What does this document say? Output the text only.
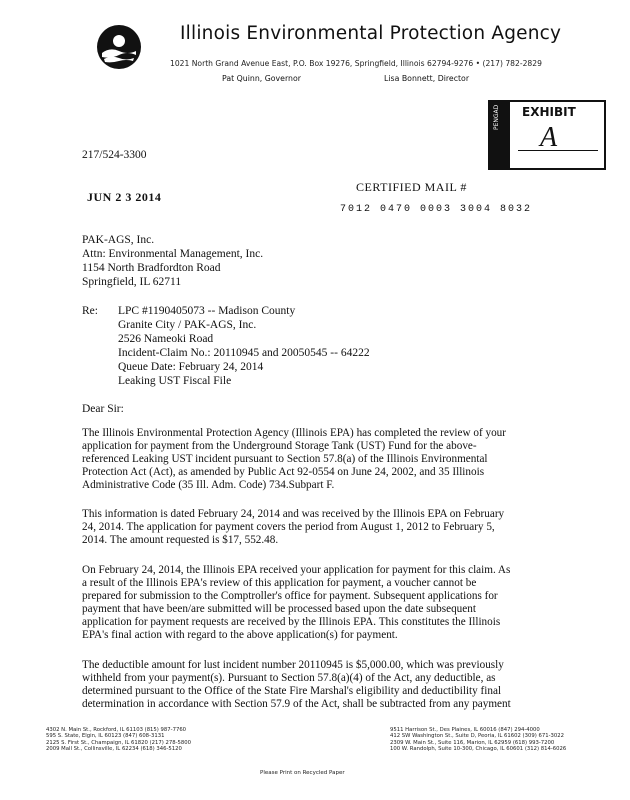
Illinois Environmental Protection Agency
1021 North Grand Avenue East, P.O. Box 19276, Springfield, Illinois 62794-9276 • (217) 782-2829
Pat Quinn, Governor	Lisa Bonnett, Director
PENGAD EXHIBIT
A
217/524-3300
CERTIFIED MAIL #
JUN 2 3 2014
7012 0470 0003 3004 8032
PAK-AGS, Inc.
Attn: Environmental Management, Inc.
1154 North Bradfordton Road
Springfield, IL 62711
Re: LPC #1190405073 -- Madison County
Granite City / PAK-AGS, Inc.
2526 Nameoki Road
Incident-Claim No.: 20110945 and 20050545 -- 64222
Queue Date: February 24, 2014
Leaking UST Fiscal File
Dear Sir:
The Illinois Environmental Protection Agency (Illinois EPA) has completed the review of your
application for payment from the Underground Storage Tank (UST) Fund for the above-
referenced Leaking UST incident pursuant to Section 57.8(a) of the Illinois Environmental
Protection Act (Act), as amended by Public Act 92-0554 on June 24, 2002, and 35 Illinois
Administrative Code (35 Ill. Adm. Code) 734.Subpart F.
This information is dated February 24, 2014 and was received by the Illinois EPA on February
24, 2014. The application for payment covers the period from August 1, 2012 to February 5,
2014. The amount requested is $17, 552.48.
On February 24, 2014, the Illinois EPA received your application for payment for this claim. As
a result of the Illinois EPA's review of this application for payment, a voucher cannot be
prepared for submission to the Comptroller's office for payment. Subsequent applications for
payment that have been/are submitted will be processed based upon the date subsequent
application for payment requests are received by the Illinois EPA. This constitutes the Illinois
EPA's final action with regard to the above application(s) for payment.
The deductible amount for lust incident number 20110945 is $5,000.00, which was previously
withheld from your payment(s). Pursuant to Section 57.8(a)(4) of the Act, any deductible, as
determined pursuant to the Office of the State Fire Marshal's eligibility and deductibility final
determination in accordance with Section 57.9 of the Act, shall be subtracted from any payment
4302 N. Main St., Rockford, IL 61103 (815) 987-7760
595 S. State, Elgin, IL 60123 (847) 608-3131
2125 S. First St., Champaign, IL 61820 (217) 278-5800
2009 Mall St., Collinsville, IL 62234 (618) 346-5120
9511 Harrison St., Des Plaines, IL 60016 (847) 294-4000
412 SW Washington St., Suite D, Peoria, IL 61602 (309) 671-3022
2309 W. Main St., Suite 116, Marion, IL 62959 (618) 993-7200
100 W. Randolph, Suite 10-300, Chicago, IL 60601 (312) 814-6026
Please Print on Recycled Paper
